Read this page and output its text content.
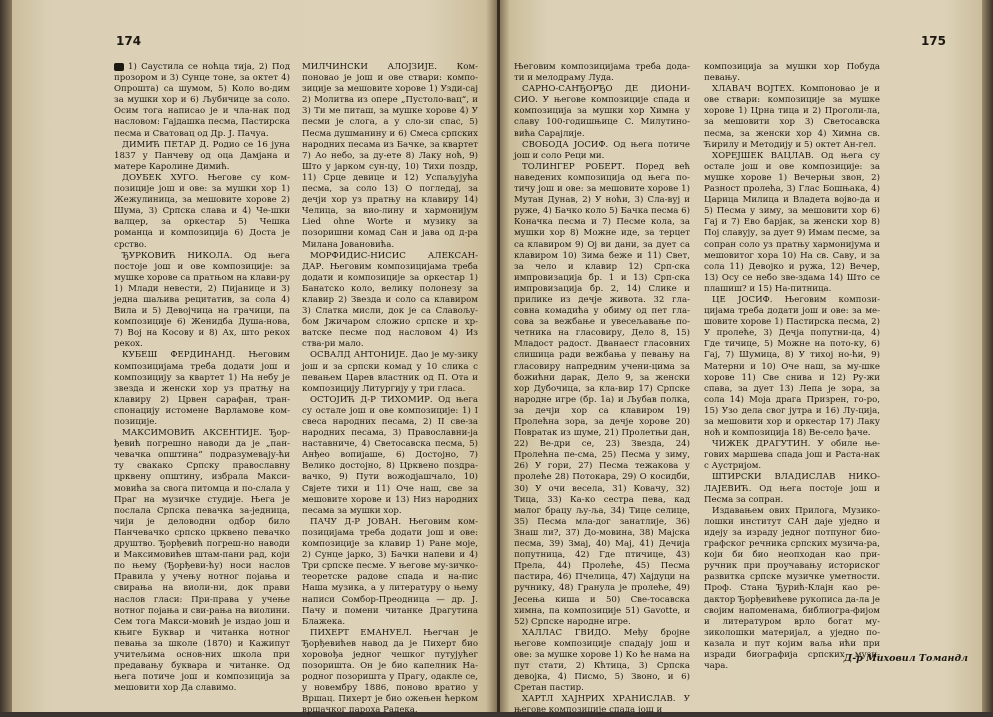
174

1) Саустила се ноћца тија, 2) Под прозором и 3) Сунце тоне, за октет 4) Опрошта) са шумом, 5) Коло во-дим за мушки хор и 6) Љубичице за соло. Осим тога написао је и чла-нак под насловом: Гајдашка песма, Пастирска песма и Сватовац од Др. Ј. Пачуа.

ДИМИЋ ПЕТАР Д. Родио се 16 јуна 1837 у Панчеву од оца Дамјана и матере Каролине Димић.

ДОУБЕК ХУГО. Његове су ком-позиције још и ове: за мушки хор 1) Жежулиница, за мешовите хорове 2) Шума, 3) Српска слава и 4) Че-шки валцер, за оркестар 5) Чешка романца и композиција 6) Доста је срство.

ЂУРКОВИЋ НИКОЛА. Од њега постоје још и ове композиције: за мушке хорове са пратњом на клави-ру 1) Млади невести, 2) Пијанице и 3) једна шаљива рецитатив, за сола 4) Вила и 5) Девојчица на грачици, па композиције 6) Женидба Душа-нова, 7) Вој на Косову и 8) Ах, што рекох рекох.

КУБЕШ ФЕРДИНАНД. Његовим композицијама треба додати још и композицију за квартет 1) На небу је звезда и женски хор уз пратњу на клавиру 2) Црвен сарафан, тран-спонацију истомене Варламове ком-позиције.

МАКСИМОВИЋ АКСЕНТИЈЕ. Ђор-ђевић погрешно наводи да је „пан-чевачка општина“ подразумевају-ћи ту свакако Српску православну црквену општину, избрала Макси-мовића за свога питомца и по-слала у Праг на музичке студије. Њега је послала Српска певачка за-једница, чији је деловодни одбор било Панчевачко српско црквено певачко друштво. Ђорђевић погреш-но наводи и Максимовићев штам-пани рад, који по њему (Ђорђеви-ћу) носи наслов Правила у учењу нотног појања и свирања на виоли-ни, док прави наслов гласи: При-права у учење нотног појања и сви-рања на виолини. Сем тога Макси-мовић је издао још и књиге Буквар и читанка нотног певања за школе (1870) и Кажипут учитељима основ-них школа при предавању буквара и читанке. Од њега потиче још и композиција за мешовити хор Да славимо.

МИЛЧИНСКИ АЛОЈЗИЈЕ. Ком-поновао је још и ове ствари: компо-зиције за мешовите хорове 1) Узди-сај 2) Молитва из опере „Пустоло-вац“, и 3) Ти ме питаш, за мушке хорове 4) У песми је слога, а у сло-зи спас, 5) Песма душманину и 6) Смеса српских народних песама из Бачке, за квартет 7) Ао небо, за ду-ете 8) Лаку ноћ, 9) Што у јарком сун-цу, 10) Тихи поздр, 11) Срце девице и 12) Успаљујућа песма, за соло 13) О погледај, за дечји хор уз пратњу на клавиру 14) Челица, за вио-лину и хармонијум Lied ohne Worte и музику за позоришни комад Сан и јава од д-ра Милана Јовановића.

МОРФИДИС-НИСИС АЛЕКСАН-ДАР. Његовим композицијама треба додати и композиције за оркестар 1) Банатско коло, велику полонезу за клавир 2) Звезда и соло са клавиром 3) Слатка мисли, док је са Славољу-бом Јжичаром сложио српске и хр-ватске песме под насловом 4) Из ства-ри мало.

ОСВАЛД АНТОНИЈЕ. Дао је му-зику још и за српски комад у 10 слика с певањем Царев властник од П. Ота и композицију Литургију у три гласа.

ОСТОЈИЋ Д-Р ТИХОМИР. Од њега су остале још и ове композиције: 1) I свеса народних песама, 2) II све-за народних песама, 3) Православни-ја наставниче, 4) Светосавска песма, 5) Анђео вопијаше, 6) Достојно, 7) Велико достојно, 8) Црквено поздра-вачко, 9) Пути вожодјашчало, 10) Свјете тихи и 11) Оче наш, све за мешовите хорове и 13) Низ народних песама за мушки хор.

ПАЧУ Д-Р ЈОВАН. Његовим ком-позицијама треба додати још и ове: композиције за клавир 1) Ране моје, 2) Сунце јарко, 3) Бачки напеви и 4) Три српске песме. У његове му-зичко-теоретске радове спада и на-пис Наша музика, а у литературу о њему написи Сомбор-Преодница — др. Ј. Пачу и помени читанке Драгутина Блажека.

ПИХЕРТ ЕМАНУЕЛ. Његчан је Ђорђевићев навод да је Пихерт био хоровођа једног чешког путујућег позоришта. Он је био капелник На-родног позоришта у Прагу, одакле се, у новембру 1886, поново вратио у Вршац. Пихерт је био ожењен ћерком вршачког пароха Радека.

175

Његовим композицијама треба дода-ти и мелодраму Луда.

САРНО-САНЂОРЂО ДЕ ДИОНИ-СИО. У његове композиције спада и композиција за мушки хор Химна у славу 100-годишњице С. Милутино-вића Сарајлије.

СВОБОДА ЈОСИФ. Од њега потиче још и соло Реци ми.

ТОЛИНГЕР РОБЕРТ. Поред већ наведених композиција од њега по-тичу још и ове: за мешовите хорове 1) Мутан Дунав, 2) У ноћи, 3) Сла-вуј и руже, 4) Бачко коло 5) Бачка песма 6) Коначка песма и 7) Песме кола, за мушки хор 8) Можне иде, за терцет са клавиром 9) Oj ви дани, за дует са клавиром 10) Зима беже и 11) Свет, за чело и клавир 12) Срп-ска импровизација бр. 1 и 13) Срп-ска импровизација бр. 2, 14) Слике и прилике из дечје живота. 32 гла-совна комадића у обиму од пет гла-сова за вежбање и увесељавање по-четника на гласовиру, Дело 8, 15) Младост радост. Дванаест гласовних слишица ради вежбања у певању на гласовиру напредним учени-цима за божићни дарак, Дело 9, за женски хор Дубочица, за кла-вир 17) Српске народне игре (бр. 1а) и Љубав полка, за дечји хор са клавиром 19) Пролећна зора, за дечје хорове 20) Повратак из шуме, 21) Пролетњи дан, 22) Ве-дри се, 23) Звезда, 24) Пролећна пе-сма, 25) Песма у зиму, 26) У гори, 27) Песма тежакова у пролеће 28) Потокара, 29) О косидби, 30) У очи весела, 31) Ковачу, 32) Тица, 33) Ка-ко сестра пева, кад малог брацу љу-ља, 34) Тице селице, 35) Песма мла-дог занатлије, 36) Знаш ли?, 37) До-мовина, 38) Мајска песма, 39) Змај, 40) Мај, 41) Дечија попутница, 42) Где птичице, 43) Прела, 44) Пролеће, 45) Песма пастира, 46) Пчелица, 47) Хајдуци на ручнику, 48) Гранула је пролеће, 49) Јесења киша и 50) Све-тосавска химна, па композиције 51) Gavotte, и 52) Српске народне игре.

ХАЛЛАС ГВИДО. Међу бројне његове композиције спадају још и ове: за мушке хорове 1) Ко ће нама на пут стати, 2) Кћтица, 3) Српска девојка, 4) Писмо, 5) Звоно, и 6) Сретан пастир.

ХАРТЛ ХАЈНРИХ ХРАНИСЛАВ. У његове композиције спада још и

композиција за мушки хор Побуда певању.

ХЛАВАЧ ВОЈТЕХ. Компоновао је и ове ствари: композиције за мушке хорове 1) Црна тица и 2) Проголи-ла, за мешовити хор 3) Светосавска песма, за женски хор 4) Химна св. Ћирилу и Методију и 5) октет Ан-гел.

ХОРЕЈШЕК ВАЦЛАВ. Од њега су остале још и ове композиције: за мушке хорове 1) Вечерњи звон, 2) Разност пролећа, 3) Глас Бошњака, 4) Царица Милица и Владета војво-да и 5) Песма у зиму, за мешовити хор 6) Гај и 7) Ево барјак, за женски хор 8) Поj славују, за дует 9) Имам песме, за сопран соло уз пратњу хармонијума и мешовитог хора 10) На св. Саву, и за сола 11) Девојко и ружа, 12) Вечер, 13) Осу се небо зве-здама 14) Што се плашиш? и 15) На-питница.

ЦЕ ЈОСИФ. Његовим компози-цијама треба додати још и ове: за ме-шовите хорове 1) Пастирска песма, 2) У пролеће, 3) Дечја попутни-ца, 4) Где тичице, 5) Можне на пото-ку, 6) Гај, 7) Шумица, 8) У тихој но-ћи, 9) Матерни и 10) Оче наш, за му-шке хорове 11) Све снива и 12) Ру-жи спава, за дует 13) Лепа је зора, за сола 14) Моја драга Призрен, го-ро, 15) Узо дела свог јутра и 16) Лу-ција, за мешовити хор и оркестар 17) Лаку ноћ и композиција 18) Ве-село ђаче.

ЧИЖЕК ДРАГУТИН. У обиле ње-гових маршева спада још и Раста-нак с Аустријом.

ШТИРСКИ ВЛАДИСЛАВ НИКО-ЛАЈЕВИЋ. Од њега постоје још и Песма за сопран.

Издавањем ових Прилога, Музико-лошки институт САН даје уједно и идеју за израду једног потпуног био-графског речника српских музича-ра, који би био неопходан као при-ручник при проучавању историског развитка српске музичке уметности. Проф. Стана Ђурић-Клајн као ре-дактор Ђорђевићеве рукописа да-ла је својим напоменама, библиогра-фијом и литературом врло богат му-зиколошки материјал, а уједно по-казала и пут којим ваља ићи при изради биографија српских музи-чара.

Д-р Миховил Томандл
